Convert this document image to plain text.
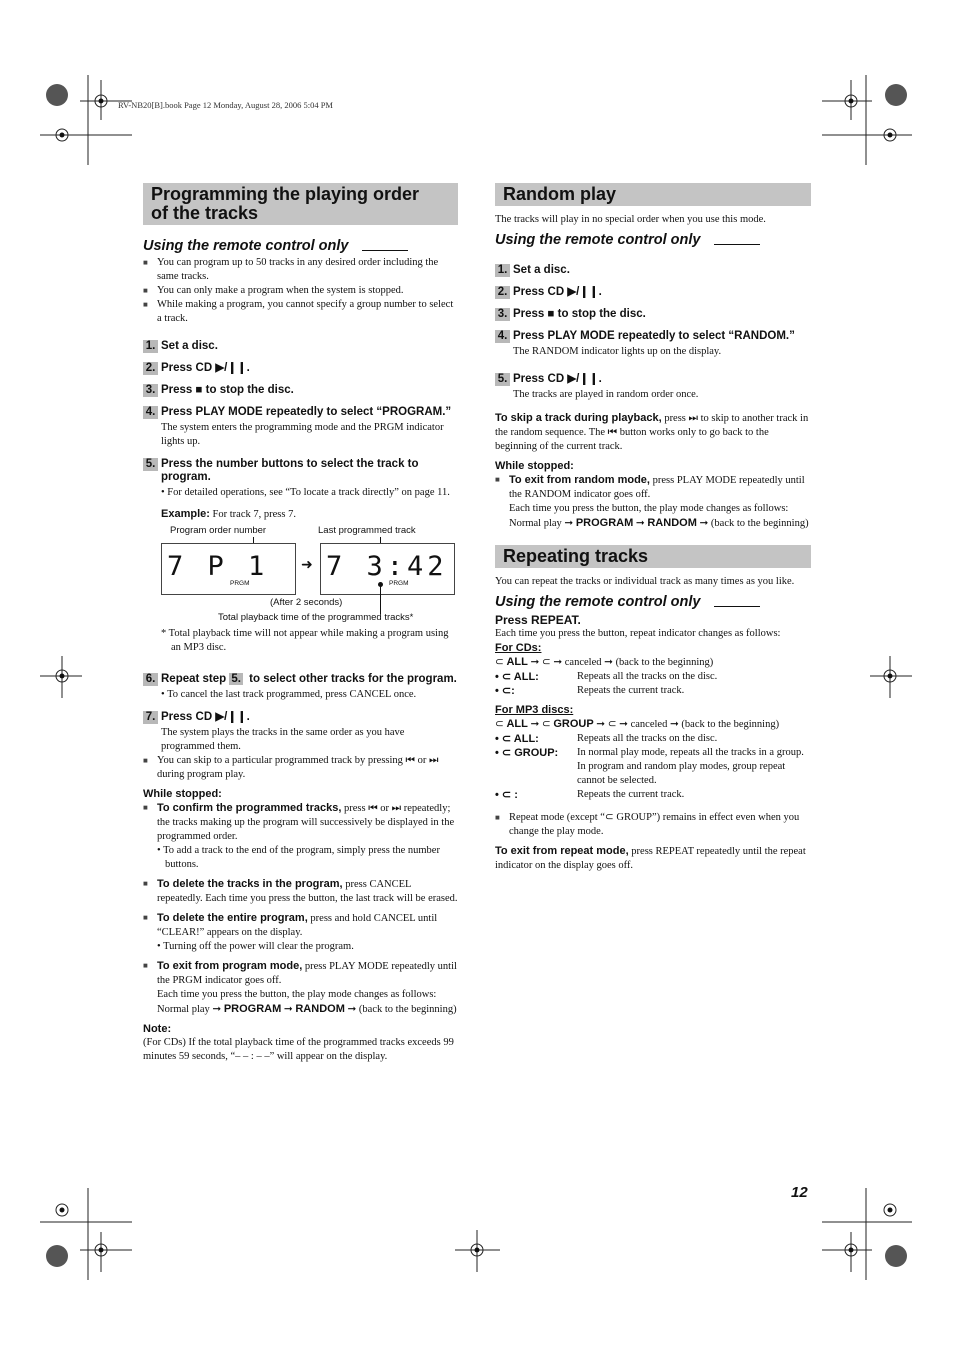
RV-NB20[B].book Page 12 Monday, August 28, 2006 5:04 PM
Programming the playing order
of the tracks
Using the remote control only
■ You can program up to 50 tracks in any desired order including the same tracks.
■ You can only make a program when the system is stopped.
■ While making a program, you cannot specify a group number to select a track.
1. Set a disc.
2. Press CD ▶/❙❙.
3. Press ■ to stop the disc.
4. Press PLAY MODE repeatedly to select “PROGRAM.”
The system enters the programming mode and the PRGM indicator lights up.
5. Press the number buttons to select the track to program.
• For detailed operations, see “To locate a track directly” on page 11.
Example: For track 7, press 7.
Program order number	Last programmed track
7 P 1
PRGM
➜ 7 3:42
PRGM
(After 2 seconds)
Total playback time of the programmed tracks*
* Total playback time will not appear while making a program using an MP3 disc.
6. Repeat step 5. to select other tracks for the program.
• To cancel the last track programmed, press CANCEL once.
7. Press CD ▶/❙❙.
The system plays the tracks in the same order as you have programmed them.
■ You can skip to a particular programmed track by pressing ⏮ or ⏭ during program play.
While stopped:
■ To confirm the programmed tracks, press ⏮ or ⏭ repeatedly; the tracks making up the program will successively be displayed in the programmed order.
• To add a track to the end of the program, simply press the number buttons.
■ To delete the tracks in the program, press CANCEL repeatedly. Each time you press the button, the last track will be erased.
■ To delete the entire program, press and hold CANCEL until “CLEAR!” appears on the display.
• Turning off the power will clear the program.
■ To exit from program mode, press PLAY MODE repeatedly until the PRGM indicator goes off.
Each time you press the button, the play mode changes as follows:
Normal play ➞ PROGRAM ➞ RANDOM ➞ (back to the beginning)
Note:
(For CDs) If the total playback time of the programmed tracks exceeds 99 minutes 59 seconds, “– – : – –” will appear on the display.
Random play
The tracks will play in no special order when you use this mode.
Using the remote control only
1. Set a disc.
2. Press CD ▶/❙❙.
3. Press ■ to stop the disc.
4. Press PLAY MODE repeatedly to select “RANDOM.”
The RANDOM indicator lights up on the display.
5. Press CD ▶/❙❙.
The tracks are played in random order once.
To skip a track during playback, press ⏭ to skip to another track in the random sequence. The ⏮ button works only to go back to the beginning of the current track.
While stopped:
■ To exit from random mode, press PLAY MODE repeatedly until the RANDOM indicator goes off.
Each time you press the button, the play mode changes as follows:
Normal play ➞ PROGRAM ➞ RANDOM ➞ (back to the beginning)
Repeating tracks
You can repeat the tracks or individual track as many times as you like.
Using the remote control only
Press REPEAT.
Each time you press the button, repeat indicator changes as follows:
For CDs:
⊂ ALL ➞ ⊂ ➞ canceled ➞ (back to the beginning)
• ⊂ ALL:	Repeats all the tracks on the disc.
• ⊂:	Repeats the current track.
For MP3 discs:
⊂ ALL ➞ ⊂ GROUP ➞ ⊂ ➞ canceled ➞ (back to the beginning)
• ⊂ ALL:	Repeats all the tracks on the disc.
• ⊂ GROUP:	In normal play mode, repeats all the tracks in a group.
In program and random play modes, group repeat cannot be selected.
• ⊂ :	Repeats the current track.
■ Repeat mode (except “⊂ GROUP”) remains in effect even when you change the play mode.
To exit from repeat mode, press REPEAT repeatedly until the repeat indicator on the display goes off.
12
